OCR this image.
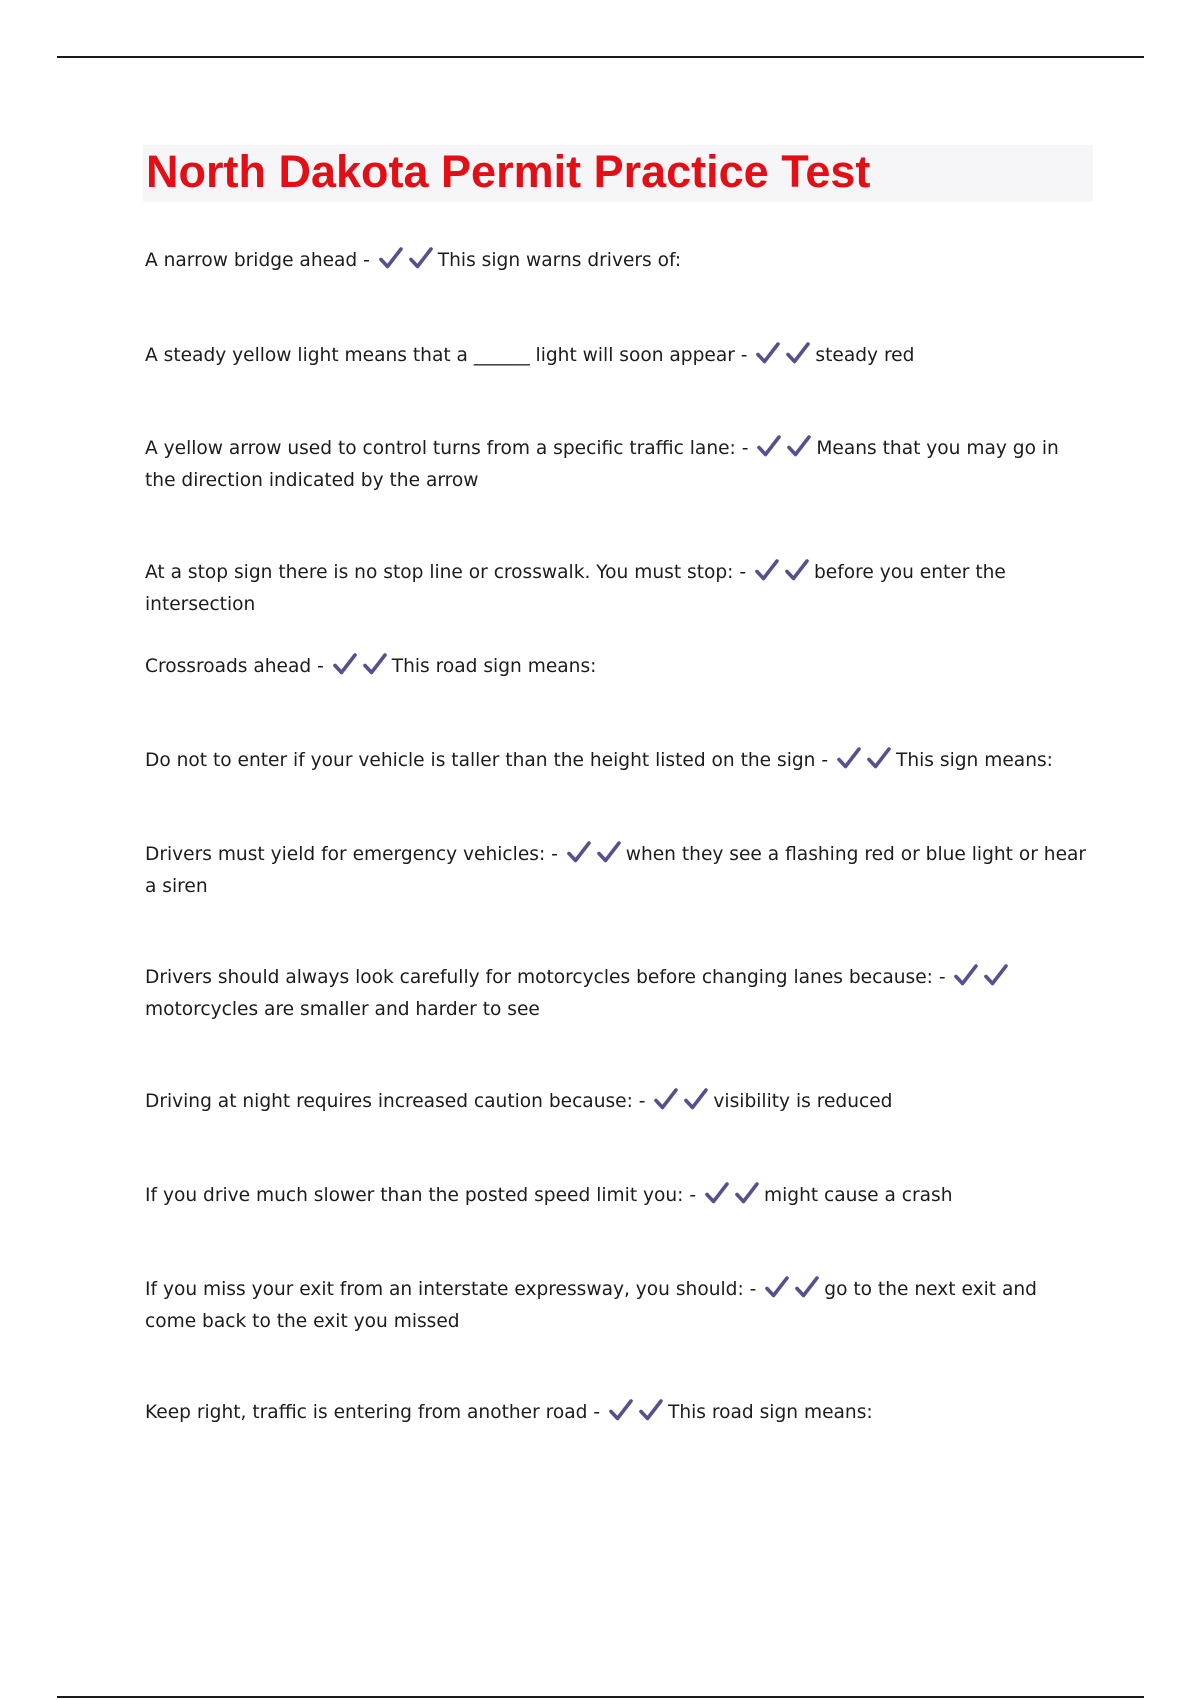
North Dakota Permit Practice Test

A narrow bridge ahead -	This sign warns drivers of:

A steady yellow light means that a ______ light will soon appear -	steady red

A yellow arrow used to control turns from a specific traffic lane: -	Means that you may go in the direction indicated by the arrow

At a stop sign there is no stop line or crosswalk. You must stop: -	before you enter the intersection

Crossroads ahead -	This road sign means:

Do not to enter if your vehicle is taller than the height listed on the sign -	This sign means:

Drivers must yield for emergency vehicles: -	when they see a flashing red or blue light or hear a siren

Drivers should always look carefully for motorcycles before changing lanes because: -
motorcycles are smaller and harder to see

Driving at night requires increased caution because: -	visibility is reduced

If you drive much slower than the posted speed limit you: -	might cause a crash

If you miss your exit from an interstate expressway, you should: -	go to the next exit and come back to the exit you missed

Keep right, traffic is entering from another road -	This road sign means:
